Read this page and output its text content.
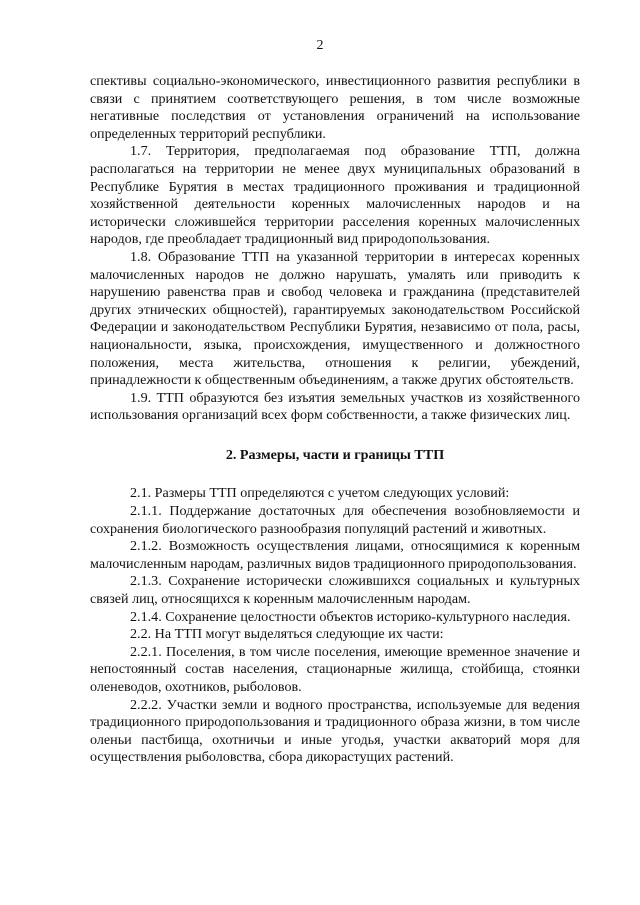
2

спективы социально-экономического, инвестиционного развития республики в связи с принятием соответствующего решения, в том числе возможные негативные последствия от установления ограничений на использование определенных территорий республики.

1.7. Территория, предполагаемая под образование ТТП, должна располагаться на территории не менее двух муниципальных образований в Республике Бурятия в местах традиционного проживания и традиционной хозяйственной деятельности коренных малочисленных народов и на исторически сложившейся территории расселения коренных малочисленных народов, где преобладает традиционный вид природопользования.

1.8. Образование ТТП на указанной территории в интересах коренных малочисленных народов не должно нарушать, умалять или приводить к нарушению равенства прав и свобод человека и гражданина (представителей других этнических общностей), гарантируемых законодательством Российской Федерации и законодательством Республики Бурятия, независимо от пола, расы, национальности, языка, происхождения, имущественного и должностного положения, места жительства, отношения к религии, убеждений, принадлежности к общественным объединениям, а также других обстоятельств.

1.9. ТТП образуются без изъятия земельных участков из хозяйственного использования организаций всех форм собственности, а также физических лиц.

2. Размеры, части и границы ТТП

2.1. Размеры ТТП определяются с учетом следующих условий:

2.1.1. Поддержание достаточных для обеспечения возобновляемости и сохранения биологического разнообразия популяций растений и животных.

2.1.2. Возможность осуществления лицами, относящимися к коренным малочисленным народам, различных видов традиционного природопользования.

2.1.3. Сохранение исторически сложившихся социальных и культурных связей лиц, относящихся к коренным малочисленным народам.

2.1.4. Сохранение целостности объектов историко-культурного наследия.

2.2. На ТТП могут выделяться следующие их части:

2.2.1. Поселения, в том числе поселения, имеющие временное значение и непостоянный состав населения, стационарные жилища, стойбища, стоянки оленеводов, охотников, рыболовов.

2.2.2. Участки земли и водного пространства, используемые для ведения традиционного природопользования и традиционного образа жизни, в том числе оленьи пастбища, охотничьи и иные угодья, участки акваторий моря для осуществления рыболовства, сбора дикорастущих растений.
